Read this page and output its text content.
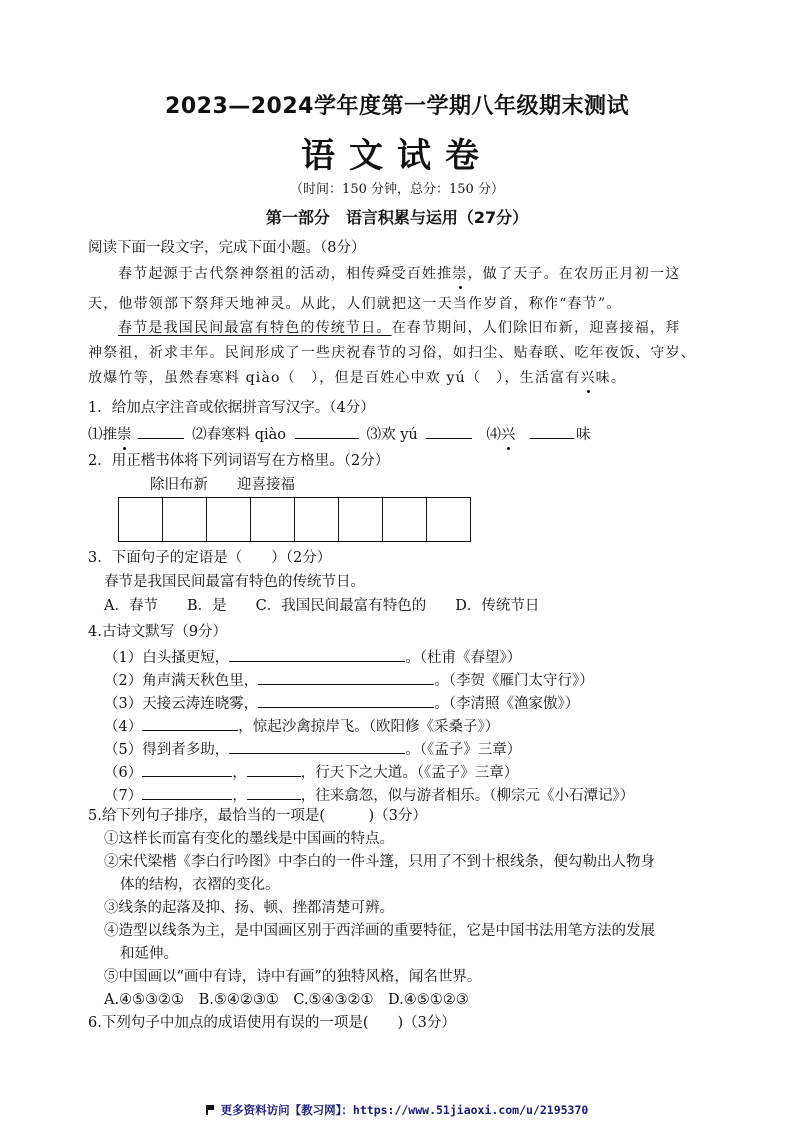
2023—2024学年度第一学期八年级期末测试
语文试卷
（时间：150 分钟，总分：150 分）
第一部分　语言积累与运用（27分）
阅读下面一段文字，完成下面小题。（8分）
春节起源于古代祭神祭祖的活动，相传舜受百姓推崇，做了天子。在农历正月初一这
天，他带领部下祭拜天地神灵。从此，人们就把这一天当作岁首，称作“春节”。
春节是我国民间最富有特色的传统节日。在春节期间，人们除旧布新，迎喜接福，拜
神祭祖，祈求丰年。民间形成了一些庆祝春节的习俗，如扫尘、贴春联、吃年夜饭、守岁、
放爆竹等，虽然春寒料 qiào（　），但是百姓心中欢 yú（　），生活富有兴味。
1．给加点字注音或依据拼音写汉字。（4分）
⑴推崇	⑵春寒料 qiào	⑶欢 yú	⑷兴	味
2．用正楷书体将下列词语写在方格里。（2分）
除旧布新　　迎喜接福
3．下面句子的定语是（　　）（2分）
春节是我国民间最富有特色的传统节日。
A．春节　　B．是　　C．我国民间最富有特色的　　D．传统节日
4.古诗文默写（9分）
（1）白头搔更短，	。（杜甫《春望》）
（2）角声满天秋色里，	。（李贺《雁门太守行》）
（3）天接云涛连晓雾，	。（李清照《渔家傲》）
（4）	，惊起沙禽掠岸飞。（欧阳修《采桑子》）
（5）得到者多助，	。（《孟子》三章）
（6）	，	，行天下之大道。（《孟子》三章）
（7）	，	，往来翕忽，似与游者相乐。（柳宗元《小石潭记》）
5.给下列句子排序，最恰当的一项是(　　　)（3分）
①这样长而富有变化的墨线是中国画的特点。
②宋代梁楷《李白行吟图》中李白的一件斗篷，只用了不到十根线条，便勾勒出人物身
体的结构，衣褶的变化。
③线条的起落及抑、扬、顿、挫都清楚可辨。
④造型以线条为主，是中国画区别于西洋画的重要特征，它是中国书法用笔方法的发展
和延伸。
⑤中国画以“画中有诗，诗中有画”的独特风格，闻名世界。
A.④⑤③②①　B.⑤④②③①　C.⑤④③②①　D.④⑤①②③
6.下列句子中加点的成语使用有误的一项是(　　)（3分）
更多资料访问【教习网】：https://www.51jiaoxi.com/u/2195370
